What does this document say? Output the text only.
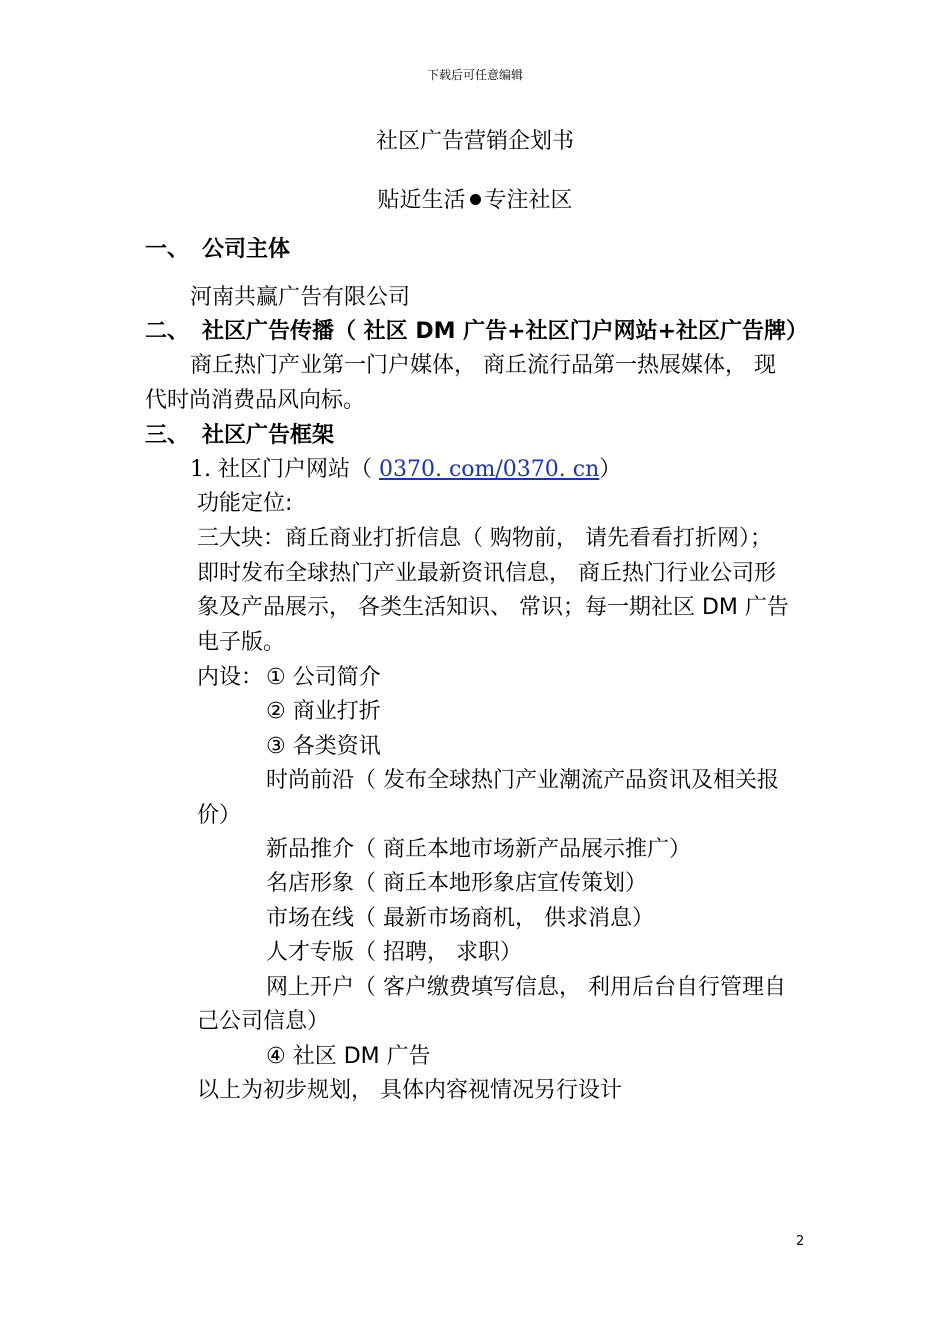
下载后可任意编辑
社区广告营销企划书
贴近生活 专注社区
一、 公司主体
河南共赢广告有限公司
二、 社区广告传播（ 社区 DM 广告+社区门户网站+社区广告牌）
商丘热门产业第一门户媒体， 商丘流行品第一热展媒体， 现
代时尚消费品风向标。
三、 社区广告框架
1. 社区门户网站（ 0370. com/0370. cn）
功能定位:
三大块：商丘商业打折信息（ 购物前， 请先看看打折网）；
即时发布全球热门产业最新资讯信息， 商丘热门行业公司形
象及产品展示， 各类生活知识、 常识；每一期社区 DM 广告
电子版。
内设： ① 公司简介
② 商业打折
③ 各类资讯
时尚前沿（ 发布全球热门产业潮流产品资讯及相关报
价）
新品推介（ 商丘本地市场新产品展示推广）
名店形象（ 商丘本地形象店宣传策划）
市场在线（ 最新市场商机， 供求消息）
人才专版（ 招聘， 求职）
网上开户（ 客户缴费填写信息， 利用后台自行管理自
己公司信息）
④ 社区 DM 广告
以上为初步规划， 具体内容视情况另行设计
2
